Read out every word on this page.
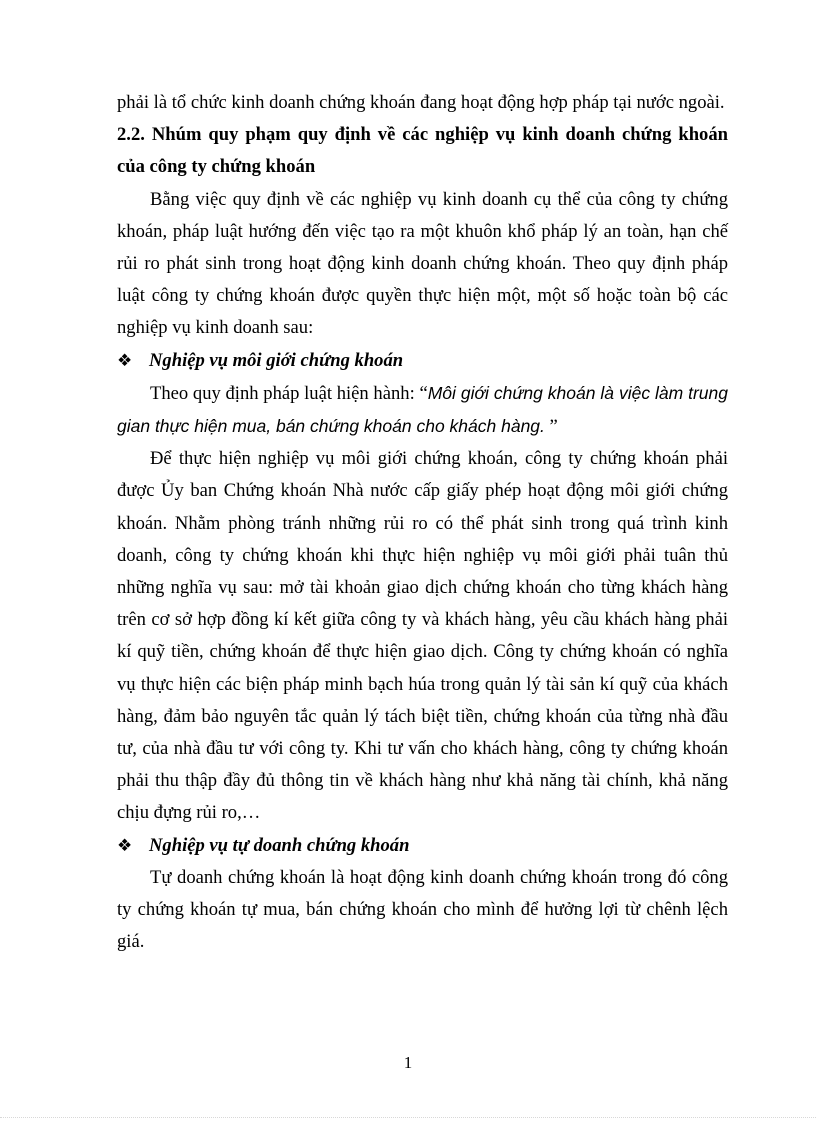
phải là tổ chức kinh doanh chứng khoán đang hoạt động hợp pháp tại nước ngoài.

2.2. Nhúm quy phạm quy định về các nghiệp vụ kinh doanh chứng khoán của công ty chứng khoán

Bằng việc quy định về các nghiệp vụ kinh doanh cụ thể của công ty chứng khoán, pháp luật hướng đến việc tạo ra một khuôn khổ pháp lý an toàn, hạn chế rủi ro phát sinh trong hoạt động kinh doanh chứng khoán. Theo quy định pháp luật công ty chứng khoán được quyền thực hiện một, một số hoặc toàn bộ các nghiệp vụ kinh doanh sau:

❖ Nghiệp vụ môi giới chứng khoán

Theo quy định pháp luật hiện hành: “Môi giới chứng khoán là việc làm trung gian thực hiện mua, bán chứng khoán cho khách hàng. ”

Để thực hiện nghiệp vụ môi giới chứng khoán, công ty chứng khoán phải được Ủy ban Chứng khoán Nhà nước cấp giấy phép hoạt động môi giới chứng khoán. Nhằm phòng tránh những rủi ro có thể phát sinh trong quá trình kinh doanh, công ty chứng khoán khi thực hiện nghiệp vụ môi giới phải tuân thủ những nghĩa vụ sau: mở tài khoản giao dịch chứng khoán cho từng khách hàng trên cơ sở hợp đồng kí kết giữa công ty và khách hàng, yêu cầu khách hàng phải kí quỹ tiền, chứng khoán để thực hiện giao dịch. Công ty chứng khoán có nghĩa vụ thực hiện các biện pháp minh bạch húa trong quản lý tài sản kí quỹ của khách hàng, đảm bảo nguyên tắc quản lý tách biệt tiền, chứng khoán của từng nhà đầu tư, của nhà đầu tư với công ty. Khi tư vấn cho khách hàng, công ty chứng khoán phải thu thập đầy đủ thông tin về khách hàng như khả năng tài chính, khả năng chịu đựng rủi ro,…

❖ Nghiệp vụ tự doanh chứng khoán

Tự doanh chứng khoán là hoạt động kinh doanh chứng khoán trong đó công ty chứng khoán tự mua, bán chứng khoán cho mình để hưởng lợi từ chênh lệch giá.

1
